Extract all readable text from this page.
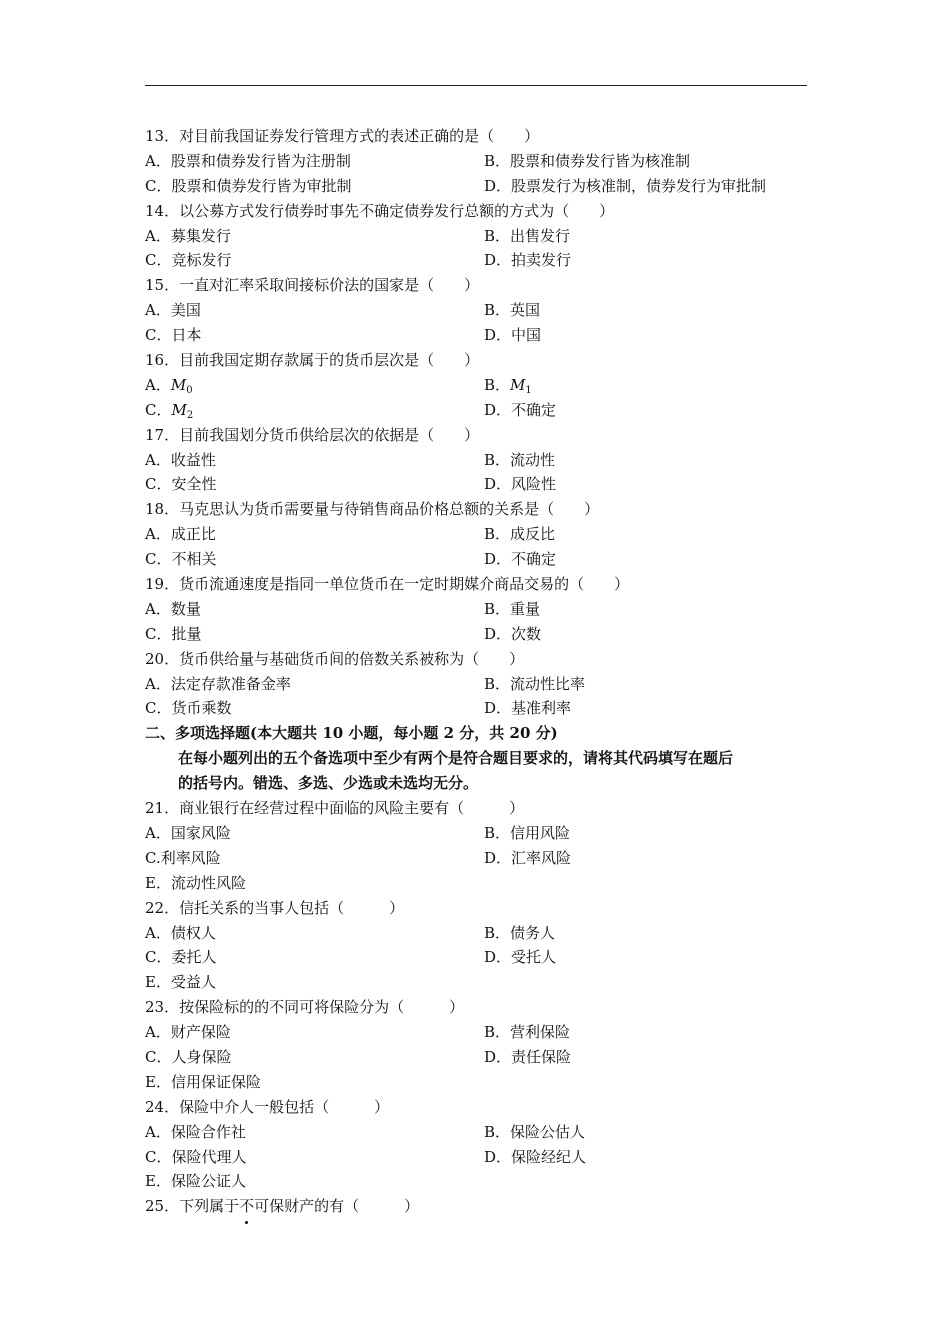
13．对目前我国证券发行管理方式的表述正确的是（　　）
A．股票和债券发行皆为注册制	B．股票和债券发行皆为核准制
C．股票和债券发行皆为审批制	D．股票发行为核准制，债券发行为审批制
14．以公募方式发行债券时事先不确定债券发行总额的方式为（　　）
A．募集发行	B．出售发行
C．竞标发行	D．拍卖发行
15．一直对汇率采取间接标价法的国家是（　　）
A．美国	B．英国
C．日本	D．中国
16．目前我国定期存款属于的货币层次是（　　）
A．$M_0$	B．$M_1$
C．$M_2$	D．不确定
17．目前我国划分货币供给层次的依据是（　　）
A．收益性	B．流动性
C．安全性	D．风险性
18．马克思认为货币需要量与待销售商品价格总额的关系是（　　）
A．成正比	B．成反比
C．不相关	D．不确定
19．货币流通速度是指同一单位货币在一定时期媒介商品交易的（　　）
A．数量	B．重量
C．批量	D．次数
20．货币供给量与基础货币间的倍数关系被称为（　　）
A．法定存款准备金率	B．流动性比率
C．货币乘数	D．基准利率
二、多项选择题(本大题共 10 小题，每小题 2 分，共 20 分)
在每小题列出的五个备选项中至少有两个是符合题目要求的，请将其代码填写在题后
的括号内。错选、多选、少选或未选均无分。
21．商业银行在经营过程中面临的风险主要有（　　　）
A．国家风险	B．信用风险
C.利率风险	D．汇率风险
E．流动性风险
22．信托关系的当事人包括（　　　）
A．债权人	B．债务人
C．委托人	D．受托人
E．受益人
23．按保险标的的不同可将保险分为（　　　）
A．财产保险	B．营利保险
C．人身保险	D．责任保险
E．信用保证保险
24．保险中介人一般包括（　　　）
A．保险合作社	B．保险公估人
C．保险代理人	D．保险经纪人
E．保险公证人
25．下列属于不可保财产的有（　　　）
